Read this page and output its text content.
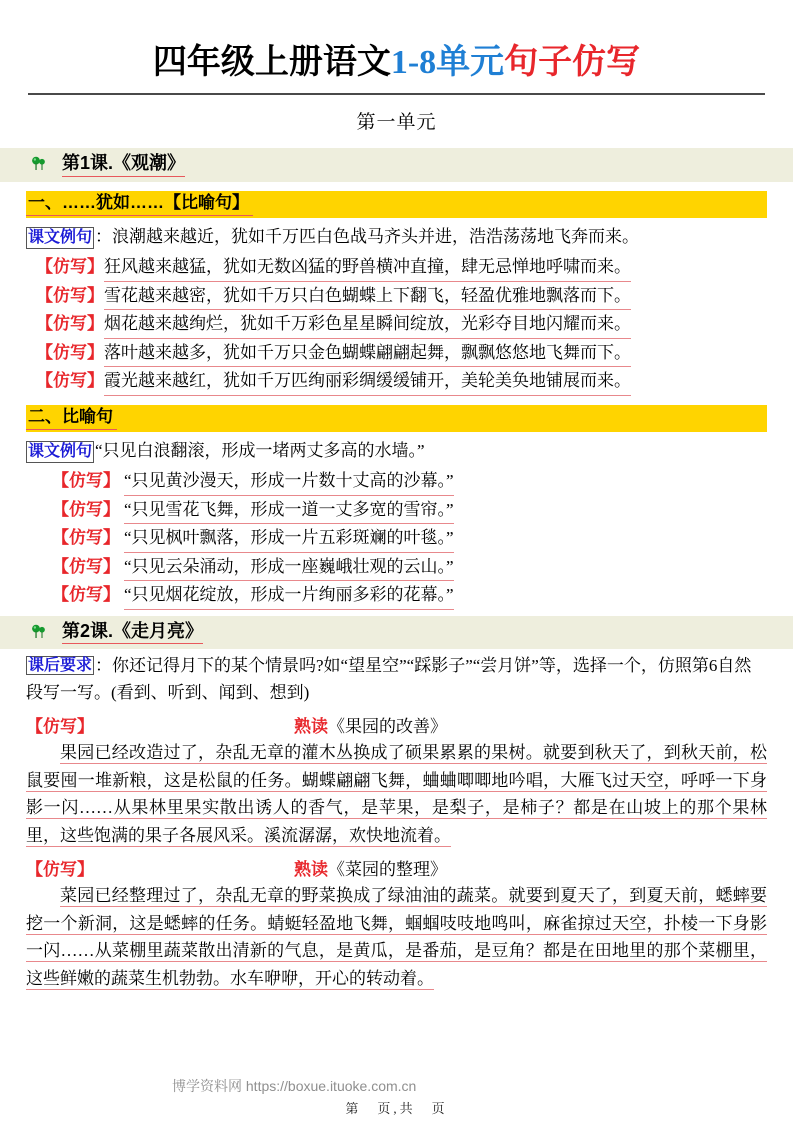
四年级上册语文1-8单元句子仿写
第一单元
第1课.《观潮》
一、……犹如……【比喻句】
课文例句 ：浪潮越来越近，犹如千万匹白色战马齐头并进，浩浩荡荡地飞奔而来。
【仿写】 狂风越来越猛，犹如无数凶猛的野兽横冲直撞，肆无忌惮地呼啸而来。
【仿写】 雪花越来越密，犹如千万只白色蝴蝶上下翻飞，轻盈优雅地飘落而下。
【仿写】 烟花越来越绚烂，犹如千万彩色星星瞬间绽放，光彩夺目地闪耀而来。
【仿写】 落叶越来越多，犹如千万只金色蝴蝶翩翩起舞，飘飘悠悠地飞舞而下。
【仿写】 霞光越来越红，犹如千万匹绚丽彩绸缓缓铺开，美轮美奂地铺展而来。
二、比喻句
课文例句 “只见白浪翻滚，形成一堵两丈多高的水墙。”
【仿写】 “只见黄沙漫天，形成一片数十丈高的沙幕。”
【仿写】 “只见雪花飞舞，形成一道一丈多宽的雪帘。”
【仿写】 “只见枫叶飘落，形成一片五彩斑斓的叶毯。”
【仿写】 “只见云朵涌动，形成一座巍峨壮观的云山。”
【仿写】 “只见烟花绽放，形成一片绚丽多彩的花幕。”
第2课.《走月亮》
课后要求 ：你还记得月下的某个情景吗?如“望星空”“踩影子”“尝月饼”等，选择一个，仿照第6自然段写一写。(看到、听到、闻到、想到)
【仿写】	熟读《果园的改善》

果园已经改造过了，杂乱无章的灌木丛换成了硕果累累的果树。就要到秋天了，到秋天前，松鼠要囤一堆新粮，这是松鼠的任务。蝴蝶翩翩飞舞，蛐蛐唧唧地吟唱，大雁飞过天空，呼呼一下身影一闪……从果林里果实散出诱人的香气，是苹果，是梨子，是柿子？都是在山坡上的那个果林里，这些饱满的果子各展风采。溪流潺潺，欢快地流着。

【仿写】	熟读《菜园的整理》

菜园已经整理过了，杂乱无章的野菜换成了绿油油的蔬菜。就要到夏天了，到夏天前，蟋蟀要挖一个新洞，这是蟋蟀的任务。蜻蜓轻盈地飞舞，蝈蝈吱吱地鸣叫，麻雀掠过天空，扑棱一下身影一闪……从菜棚里蔬菜散出清新的气息，是黄瓜，是番茄，是豆角？都是在田地里的那个菜棚里，这些鲜嫩的蔬菜生机勃勃。水车咿咿，开心的转动着。

博学资料网 https://boxue.ituoke.com.cn
第　页,共　页
